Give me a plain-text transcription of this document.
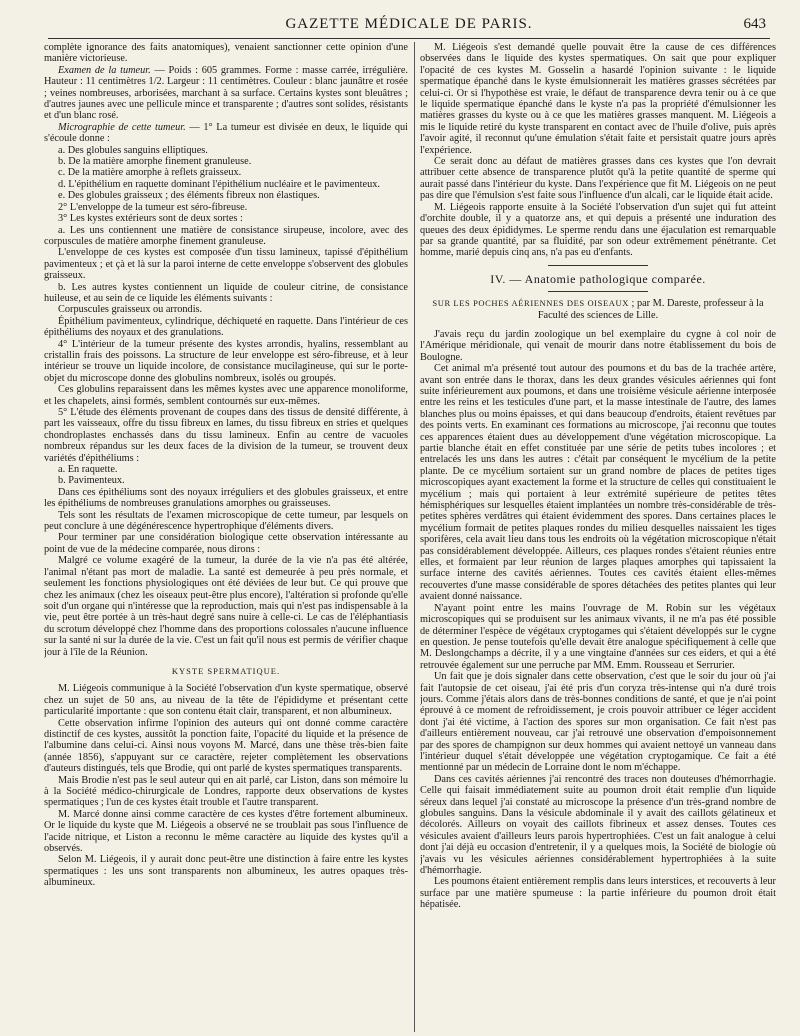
GAZETTE MÉDICALE DE PARIS.	643

complète ignorance des faits anatomiques), venaient sanctionner cette opinion d'une manière victorieuse.

Examen de la tumeur. — Poids : 605 grammes. Forme : masse carrée, irrégulière. Hauteur : 11 centimètres 1/2. Largeur : 11 centimètres. Couleur : blanc jaunâtre et rosée ; veines nombreuses, arborisées, marchant à sa surface. Certains kystes sont bleuâtres ; d'autres jaunes avec une pellicule mince et transparente ; d'autres sont solides, résistants et d'un blanc rosé.

Micrographie de cette tumeur. — 1° La tumeur est divisée en deux, le liquide qui s'écoule donne :

a. Des globules sanguins elliptiques.

b. De la matière amorphe finement granuleuse.

c. De la matière amorphe à reflets graisseux.

d. L'épithélium en raquette dominant l'épithélium nucléaire et le pavimenteux.

e. Des globules graisseux ; des éléments fibreux non élastiques.

2° L'enveloppe de la tumeur est séro-fibreuse.

3° Les kystes extérieurs sont de deux sortes :

a. Les uns contiennent une matière de consistance sirupeuse, incolore, avec des corpuscules de matière amorphe finement granuleuse.

L'enveloppe de ces kystes est composée d'un tissu lamineux, tapissé d'épithélium pavimenteux ; et çà et là sur la paroi interne de cette enveloppe s'observent des globules graisseux.

b. Les autres kystes contiennent un liquide de couleur citrine, de consistance huileuse, et au sein de ce liquide les éléments suivants :

Corpuscules graisseux ou arrondis.

Épithélium pavimenteux, cylindrique, déchiqueté en raquette. Dans l'intérieur de ces épithéliums des noyaux et des granulations.

4° L'intérieur de la tumeur présente des kystes arrondis, hyalins, ressemblant au cristallin frais des poissons. La structure de leur enveloppe est séro-fibreuse, et à leur intérieur se trouve un liquide incolore, de consistance mucilagineuse, qui sur le porte-objet du microscope donne des globulins nombreux, isolés ou groupés.

Ces globulins reparaissent dans les mêmes kystes avec une apparence monoliforme, et les chapelets, ainsi formés, semblent contournés sur eux-mêmes.

5° L'étude des éléments provenant de coupes dans des tissus de densité différente, à part les vaisseaux, offre du tissu fibreux en lames, du tissu fibreux en stries et quelques chondroplastes enchassés dans du tissu lamineux. Enfin au centre de vacuoles nombreux répandus sur les deux faces de la division de la tumeur, se trouvent deux variétés d'épithéliums :

a. En raquette.

b. Pavimenteux.

Dans ces épithéliums sont des noyaux irréguliers et des globules graisseux, et entre les épithéliums de nombreuses granulations amorphes ou graisseuses.

Tels sont les résultats de l'examen microscopique de cette tumeur, par lesquels on peut conclure à une dégénérescence hypertrophique d'éléments divers.

Pour terminer par une considération biologique cette observation intéressante au point de vue de la médecine comparée, nous dirons :

Malgré ce volume exagéré de la tumeur, la durée de la vie n'a pas été altérée, l'animal n'étant pas mort de maladie. La santé est demeurée à peu près normale, et seulement les fonctions physiologiques ont été déviées de leur but. Ce qui prouve que chez les animaux (chez les oiseaux peut-être plus encore), l'altération si profonde qu'elle soit d'un organe qui n'intéresse que la reproduction, mais qui n'est pas indispensable à la vie, peut être portée à un très-haut degré sans nuire à celle-ci. Le cas de l'éléphantiasis du scrotum développé chez l'homme dans des proportions colossales n'aucune influence sur la santé ni sur la durée de la vie. C'est un fait qu'il nous est permis de vérifier chaque jour à l'île de la Réunion.

KYSTE SPERMATIQUE.

M. Liégeois communique à la Société l'observation d'un kyste spermatique, observé chez un sujet de 50 ans, au niveau de la tête de l'épididyme et présentant cette particularité importante : que son contenu était clair, transparent, et non albumineux.

Cette observation infirme l'opinion des auteurs qui ont donné comme caractère distinctif de ces kystes, aussitôt la ponction faite, l'opacité du liquide et la présence de l'albumine dans celui-ci. Ainsi nous voyons M. Marcé, dans une thèse très-bien faite (année 1856), s'appuyant sur ce caractère, rejeter complètement les observations d'auteurs distingués, tels que Brodie, qui ont parlé de kystes spermatiques transparents.

Mais Brodie n'est pas le seul auteur qui en ait parlé, car Liston, dans son mémoire lu à la Société médico-chirurgicale de Londres, rapporte deux observations de kystes spermatiques ; l'un de ces kystes était trouble et l'autre transparent.

M. Marcé donne ainsi comme caractère de ces kystes d'être fortement albumineux. Or le liquide du kyste que M. Liégeois a observé ne se troublait pas sous l'influence de l'acide nitrique, et Liston a reconnu le même caractère au liquide des kystes qu'il a observés.

Selon M. Liégeois, il y aurait donc peut-être une distinction à faire entre les kystes spermatiques : les uns sont transparents non albumineux, les autres opaques très-albumineux.

M. Liégeois s'est demandé quelle pouvait être la cause de ces différences observées dans le liquide des kystes spermatiques. On sait que pour expliquer l'opacité de ces kystes M. Gosselin a hasardé l'opinion suivante : le liquide spermatique épanché dans le kyste émulsionnerait les matières grasses sécrétées par celui-ci. Or si l'hypothèse est vraie, le défaut de transparence devra tenir ou à ce que le liquide spermatique épanché dans le kyste n'a pas la propriété d'émulsionner les matières grasses du kyste ou à ce que les matières grasses manquent. M. Liégeois a mis le liquide retiré du kyste transparent en contact avec de l'huile d'olive, puis après l'avoir agité, il reconnut qu'une émulation s'était faite et persistait quatre jours après l'expérience.

Ce serait donc au défaut de matières grasses dans ces kystes que l'on devrait attribuer cette absence de transparence plutôt qu'à la petite quantité de sperme qui aurait passé dans l'intérieur du kyste. Dans l'expérience que fit M. Liégeois on ne peut pas dire que l'émulsion s'est faite sous l'influence d'un alcali, car le liquide était acide.

M. Liégeois rapporte ensuite à la Société l'observation d'un sujet qui fut atteint d'orchite double, il y a quatorze ans, et qui depuis a présenté une induration des queues des deux épididymes. Le sperme rendu dans une éjaculation est remarquable par sa grande quantité, par sa fluidité, par son odeur extrêmement pénétrante. Cet homme, marié depuis cinq ans, n'a pas eu d'enfants.

IV. — Anatomie pathologique comparée.

SUR LES POCHES AÉRIENNES DES OISEAUX ; par M. Dareste, professeur à la Faculté des sciences de Lille.

J'avais reçu du jardin zoologique un bel exemplaire du cygne à col noir de l'Amérique méridionale, qui venait de mourir dans notre établissement du bois de Boulogne.

Cet animal m'a présenté tout autour des poumons et du bas de la trachée artère, avant son entrée dans le thorax, dans les deux grandes vésicules aériennes qui font suite inférieurement aux poumons, et dans une troisième vésicule aérienne interposée entre les reins et les testicules d'une part, et la masse intestinale de l'autre, des lames blanches plus ou moins épaisses, et qui dans beaucoup d'endroits, étaient revêtues par des points verts. En examinant ces formations au microscope, j'ai reconnu que toutes ces apparences étaient dues au développement d'une végétation microscopique. La partie blanche était en effet constituée par une série de petits tubes incolores ; et entrelacés les uns dans les autres : c'était par conséquent le mycélium de la petite plante. De ce mycélium sortaient sur un grand nombre de places de petites tiges microscopiques ayant exactement la forme et la structure de celles qui constituaient le mycélium ; mais qui portaient à leur extrémité supérieure de petites têtes hémisphériques sur lesquelles étaient implantées un nombre très-considérable de très-petites sphères verdâtres qui étaient évidemment des spores. Dans certaines places le mycélium formait de petites plaques rondes du milieu desquelles naissaient les tiges sporifères, cela avait lieu dans tous les endroits où la végétation microscopique n'était pas considérablement développée. Ailleurs, ces plaques rondes s'étaient réunies entre elles, et formaient par leur réunion de larges plaques amorphes qui tapissaient la surface interne des cavités aériennes. Toutes ces cavités étaient elles-mêmes recouvertes d'une masse considérable de spores détachées des petites plantes qui leur avaient donné naissance.

N'ayant point entre les mains l'ouvrage de M. Robin sur les végétaux microscopiques qui se produisent sur les animaux vivants, il ne m'a pas été possible de déterminer l'espèce de végétaux cryptogames qui s'étaient développés sur le cygne en question. Je pense toutefois qu'elle devait être analogue spécifiquement à celle que M. Deslongchamps a décrite, il y a une vingtaine d'années sur ces eiders, et qui a été retrouvée également sur une perruche par MM. Emm. Rousseau et Serrurier.

Un fait que je dois signaler dans cette observation, c'est que le soir du jour où j'ai fait l'autopsie de cet oiseau, j'ai été pris d'un coryza très-intense qui n'a duré trois jours. Comme j'étais alors dans de très-bonnes conditions de santé, et que je n'ai point éprouvé à ce moment de refroidissement, je crois pouvoir attribuer ce léger accident dont j'ai été victime, à l'action des spores sur mon organisation. Ce fait n'est pas d'ailleurs entièrement nouveau, car j'ai retrouvé une observation d'empoisonnement par des spores de champignon sur deux hommes qui avaient nettoyé un vanneau dans l'intérieur duquel s'était développée une végétation cryptogamique. Ce fait a été mentionné par un médecin de Lorraine dont le nom m'échappe.

Dans ces cavités aériennes j'ai rencontré des traces non douteuses d'hémorrhagie. Celle qui faisait immédiatement suite au poumon droit était remplie d'un liquide séreux dans lequel j'ai constaté au microscope la présence d'un très-grand nombre de globules sanguins. Dans la vésicule abdominale il y avait des caillots gélatineux et décolorés. Ailleurs on voyait des caillots fibrineux et assez denses. Toutes ces vésicules avaient d'ailleurs leurs parois hypertrophiées. C'est un fait analogue à celui dont j'ai déjà eu occasion d'entretenir, il y a quelques mois, la Société de biologie où j'avais vu les vésicules aériennes considérablement hypertrophiées à la suite d'hémorrhagie.

Les poumons étaient entièrement remplis dans leurs interstices, et recouverts à leur surface par une matière spumeuse : la partie inférieure du poumon droit était hépatisée.
